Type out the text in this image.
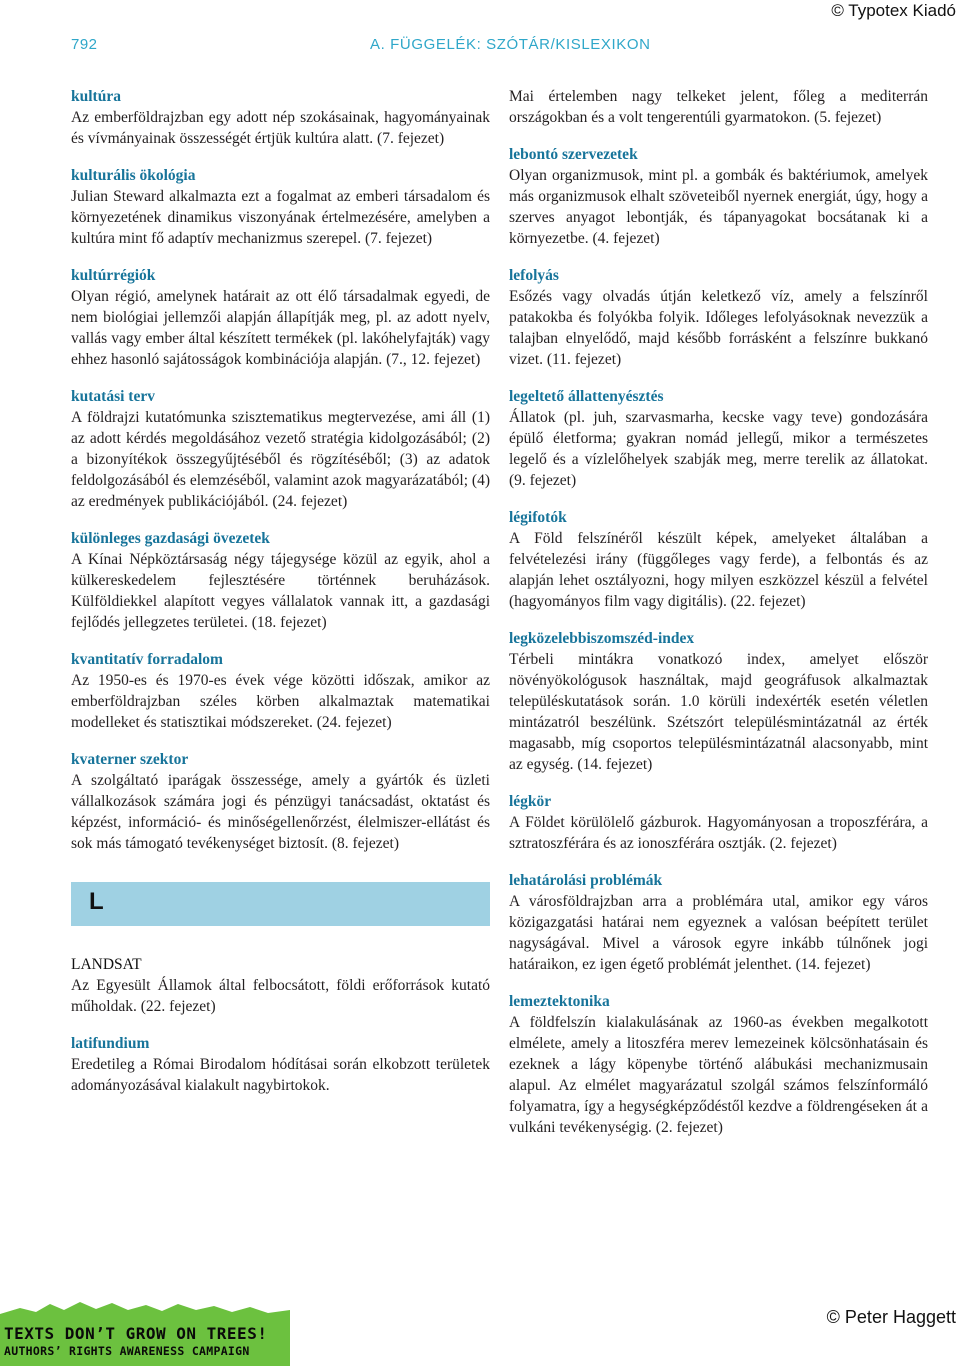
© Typotex Kiadó
792	A. FÜGGELÉK: SZÓTÁR/KISLEXIKON
kultúra
Az emberföldrajzban egy adott nép szokásainak, hagyományainak és vívmányainak összességét értjük kultúra alatt. (7. fejezet)
kulturális ökológia
Julian Steward alkalmazta ezt a fogalmat az emberi társadalom és környezetének dinamikus viszonyának értelmezésére, amelyben a kultúra mint fő adaptív mechanizmus szerepel. (7. fejezet)
kultúrrégiók
Olyan régió, amelynek határait az ott élő társadalmak egyedi, de nem biológiai jellemzői alapján állapítják meg, pl. az adott nyelv, vallás vagy ember által készített termékek (pl. lakóhelyfajták) vagy ehhez hasonló sajátosságok kombinációja alapján. (7., 12. fejezet)
kutatási terv
A földrajzi kutatómunka szisztematikus megtervezése, ami áll (1) az adott kérdés megoldásához vezető stratégia kidolgozásából; (2) a bizonyítékok összegyűjtéséből és rögzítéséből; (3) az adatok feldolgozásából és elemzéséből, valamint azok magyarázatából; (4) az eredmények publikációjából. (24. fejezet)
különleges gazdasági övezetek
A Kínai Népköztársaság négy tájegysége közül az egyik, ahol a külkereskedelem fejlesztésére történnek beruházások. Külföldiekkel alapított vegyes vállalatok vannak itt, a gazdasági fejlődés jellegzetes területei. (18. fejezet)
kvantitatív forradalom
Az 1950-es és 1970-es évek vége közötti időszak, amikor az emberföldrajzban széles körben alkalmaztak matematikai modelleket és statisztikai módszereket. (24. fejezet)
kvaterner szektor
A szolgáltató iparágak összessége, amely a gyártók és üzleti vállalkozások számára jogi és pénzügyi tanácsadást, oktatást és képzést, információ- és minőségellenőrzést, élelmiszer-ellátást és sok más támogató tevékenységet biztosít. (8. fejezet)
L
LANDSAT
Az Egyesült Államok által felbocsátott, földi erőforrások kutató műholdak. (22. fejezet)
latifundium
Eredetileg a Római Birodalom hódításai során elkobzott területek adományozásával kialakult nagybirtokok.
Mai értelemben nagy telkeket jelent, főleg a mediterrán országokban és a volt tengerentúli gyarmatokon. (5. fejezet)
lebontó szervezetek
Olyan organizmusok, mint pl. a gombák és baktériumok, amelyek más organizmusok elhalt szöveteiből nyernek energiát, úgy, hogy a szerves anyagot lebontják, és tápanyagokat bocsátanak ki a környezetbe. (4. fejezet)
lefolyás
Esőzés vagy olvadás útján keletkező víz, amely a felszínről patakokba és folyókba folyik. Időleges lefolyásoknak nevezzük a talajban elnyelődő, majd később forrásként a felszínre bukkanó vizet. (11. fejezet)
legeltető állattenyésztés
Állatok (pl. juh, szarvasmarha, kecske vagy teve) gondozására épülő életforma; gyakran nomád jellegű, mikor a természetes legelő és a vízlelőhelyek szabják meg, merre terelik az állatokat. (9. fejezet)
légifotók
A Föld felszínéről készült képek, amelyeket általában a felvételezési irány (függőleges vagy ferde), a felbontás és az alapján lehet osztályozni, hogy milyen eszközzel készül a felvétel (hagyományos film vagy digitális). (22. fejezet)
legközelebbiszomszéd-index
Térbeli mintákra vonatkozó index, amelyet először növényökológusok használtak, majd geográfusok alkalmaztak településkutatások során. 1.0 körüli indexérték esetén véletlen mintázatról beszélünk. Szétszórt településmintázatnál az érték magasabb, míg csoportos településmintázatnál alacsonyabb, mint az egység. (14. fejezet)
légkör
A Földet körülölelő gázburok. Hagyományosan a troposzférára, a sztratoszférára és az ionoszférára osztják. (2. fejezet)
lehatárolási problémák
A városföldrajzban arra a problémára utal, amikor egy város közigazgatási határai nem egyeznek a valósan beépített terület nagyságával. Mivel a városok egyre inkább túlnőnek jogi határaikon, ez igen égető problémát jelenthet. (14. fejezet)
lemeztektonika
A földfelszín kialakulásának az 1960-as években megalkotott elmélete, amely a litoszféra merev lemezeinek kölcsönhatásain és ezeknek a lágy köpenybe történő alábukási mechanizmusain alapul. Az elmélet magyarázatul szolgál számos felszínformáló folyamatra, így a hegységképződéstől kezdve a földrengéseken át a vulkáni tevékenységig. (2. fejezet)
TEXTS DON’T GROW ON TREES!
AUTHORS’ RIGHTS AWARENESS CAMPAIGN
© Peter Haggett
